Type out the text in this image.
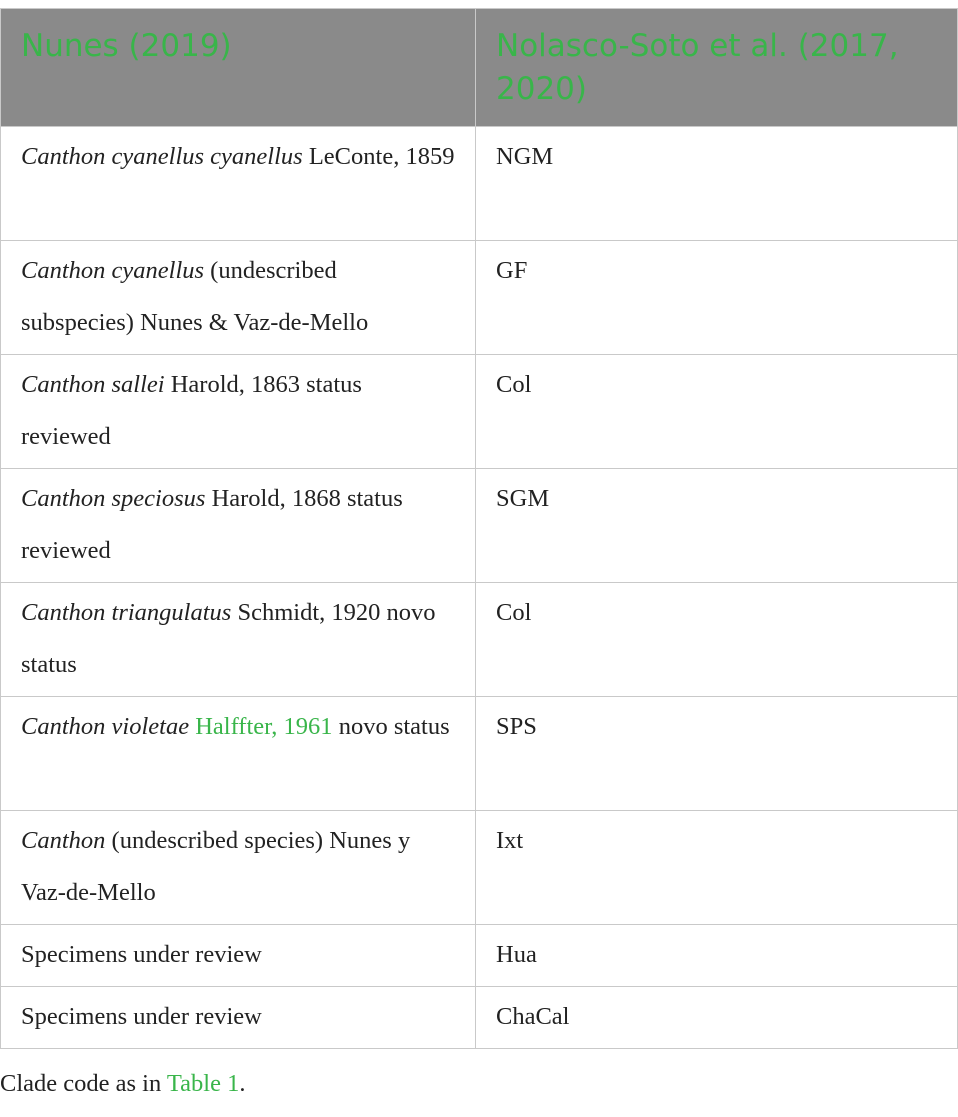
Nunes (2019)	Nolasco-Soto et al. (2017, 2020)
Canthon cyanellus cyanellus LeConte, 1859	NGM
Canthon cyanellus (undescribed subspecies) Nunes & Vaz-de-Mello	GF
Canthon sallei Harold, 1863 status reviewed	Col
Canthon speciosus Harold, 1868 status reviewed	SGM
Canthon triangulatus Schmidt, 1920 novo status	Col
Canthon violetae Halffter, 1961 novo status	SPS
Canthon (undescribed species) Nunes y Vaz-de-Mello	Ixt
Specimens under review	Hua
Specimens under review	ChaCal

Clade code as in Table 1.
